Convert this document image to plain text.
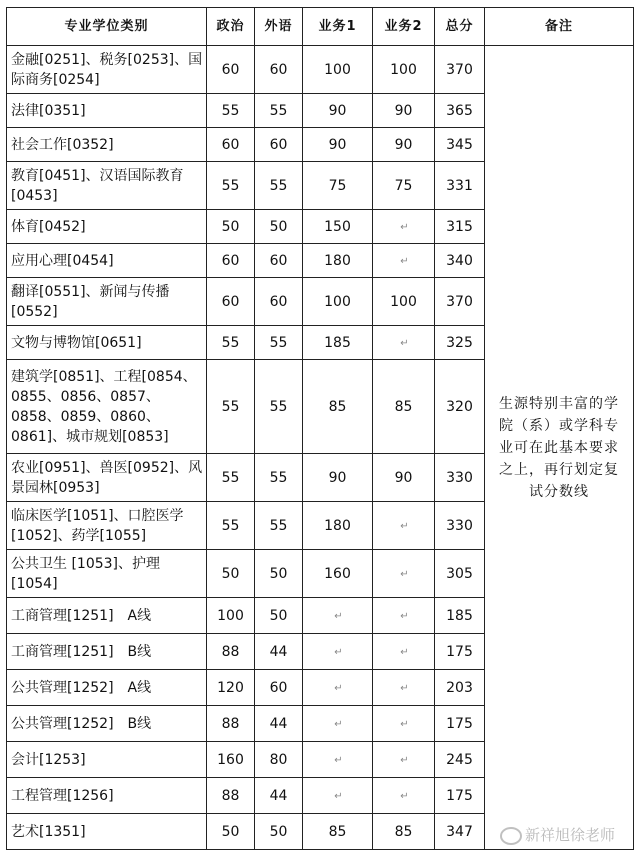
专业学位类别	政治	外语	业务1	业务2	总分	备注
金融[0251]、税务[0253]、国际商务[0254]	60	60	100	100	370	生源特别丰富的学院（系）或学科专业可在此基本要求之上，再行划定复试分数线
法律[0351]	55	55	90	90	365	
社会工作[0352]	60	60	90	90	345	
教育[0451]、汉语国际教育[0453]	55	55	75	75	331	
体育[0452]	50	50	150	↵	315	
应用心理[0454]	60	60	180	↵	340	
翻译[0551]、新闻与传播[0552]	60	60	100	100	370	
文物与博物馆[0651]	55	55	185	↵	325	
建筑学[0851]、工程[0854、0855、0856、0857、0858、0859、0860、0861]、城市规划[0853]	55	55	85	85	320	
农业[0951]、兽医[0952]、风景园林[0953]	55	55	90	90	330	
临床医学[1051]、口腔医学[1052]、药学[1055]	55	55	180	↵	330	
公共卫生 [1053]、护理[1054]	50	50	160	↵	305	
工商管理[1251]　A线	100	50	↵	↵	185	
工商管理[1251]　B线	88	44	↵	↵	175	
公共管理[1252]　A线	120	60	↵	↵	203	
公共管理[1252]　B线	88	44	↵	↵	175	
会计[1253]	160	80	↵	↵	245	
工程管理[1256]	88	44	↵	↵	175	
艺术[1351]	50	50	85	85	347		新祥旭徐老师
